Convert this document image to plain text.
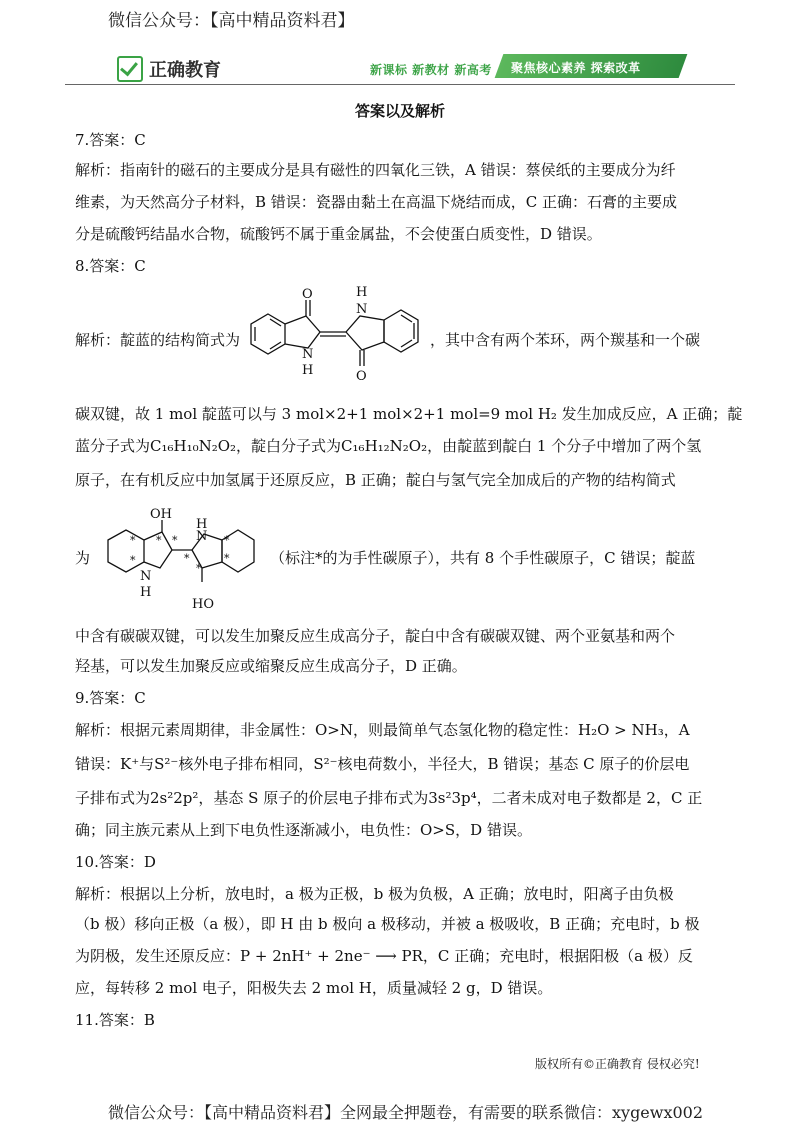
微信公众号：【高中精品资料君】
正确教育	新课标 新教材 新高考 聚焦核心素养 探索改革
答案以及解析
7.答案：C
解析：指南针的磁石的主要成分是具有磁性的四氧化三铁，A 错误：蔡侯纸的主要成分为纤
维素，为天然高分子材料，B 错误：瓷器由黏土在高温下烧结而成，C 正确：石膏的主要成
分是硫酸钙结晶水合物，硫酸钙不属于重金属盐，不会使蛋白质变性，D 错误。
8.答案：C
解析：靛蓝的结构简式为
O	H
N
N
H	O
，其中含有两个苯环，两个羰基和一个碳
碳双键，故 1 mol 靛蓝可以与 3 mol×2+1 mol×2+1 mol=9 mol H₂ 发生加成反应，A 正确；靛
蓝分子式为C₁₆H₁₀N₂O₂，靛白分子式为C₁₆H₁₂N₂O₂，由靛蓝到靛白 1 个分子中增加了两个氢
原子，在有机反应中加氢属于还原反应，B 正确；靛白与氢气完全加成后的产物的结构简式
为
OH
H
N
N
H
HO
*
*
* *
*
*
*
*	（标注*的为手性碳原子），共有 8 个手性碳原子，C 错误；靛蓝
中含有碳碳双键，可以发生加聚反应生成高分子，靛白中含有碳碳双键、两个亚氨基和两个
羟基，可以发生加聚反应或缩聚反应生成高分子，D 正确。
9.答案：C
解析：根据元素周期律，非金属性：O>N，则最简单气态氢化物的稳定性：H₂O > NH₃，A
错误：K⁺与S²⁻核外电子排布相同，S²⁻核电荷数小，半径大，B 错误；基态 C 原子的价层电
子排布式为2s²2p²，基态 S 原子的价层电子排布式为3s²3p⁴，二者未成对电子数都是 2，C 正
确；同主族元素从上到下电负性逐渐减小，电负性：O>S，D 错误。
10.答案：D
解析：根据以上分析，放电时，a 极为正极，b 极为负极，A 正确；放电时，阳离子由负极
（b 极）移向正极（a 极），即 H 由 b 极向 a 极移动，并被 a 极吸收，B 正确；充电时，b 极
为阴极，发生还原反应：P + 2nH⁺ + 2ne⁻ ⟶ PR，C 正确；充电时，根据阳极（a 极）反
应，每转移 2 mol 电子，阳极失去 2 mol H，质量减轻 2 g，D 错误。
11.答案：B
版权所有©正确教育 侵权必究!
微信公众号：【高中精品资料君】全网最全押题卷，有需要的联系微信：xygewx002
